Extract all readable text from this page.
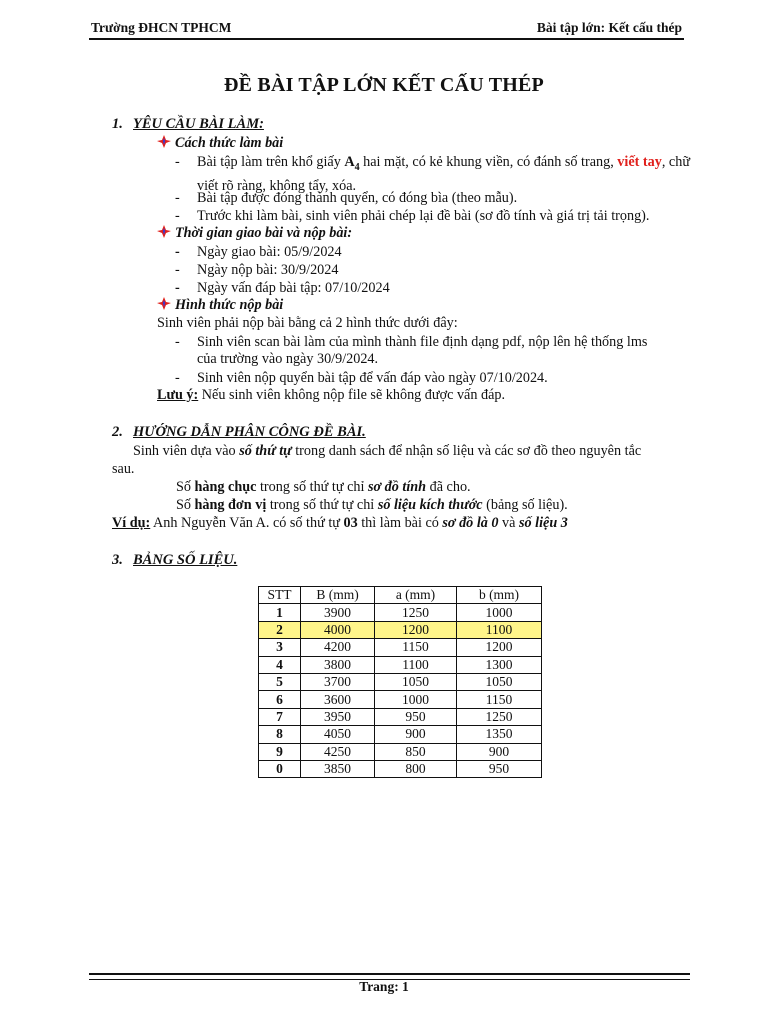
Trường ĐHCN TPHCM	Bài tập lớn: Kết cấu thép
ĐỀ BÀI TẬP LỚN KẾT CẤU THÉP
1. YÊU CẦU BÀI LÀM:
Cách thức làm bài
- Bài tập làm trên khổ giấy $A_4$ hai mặt, có kẻ khung viền, có đánh số trang, viết tay, chữ viết rõ ràng, không tẩy, xóa.
- Bài tập được đóng thành quyển, có đóng bìa (theo mẫu).
- Trước khi làm bài, sinh viên phải chép lại đề bài (sơ đồ tính và giá trị tải trọng).
Thời gian giao bài và nộp bài:
- Ngày giao bài: 05/9/2024
- Ngày nộp bài: 30/9/2024
- Ngày vấn đáp bài tập: 07/10/2024
Hình thức nộp bài
Sinh viên phải nộp bài bằng cả 2 hình thức dưới đây:
- Sinh viên scan bài làm của mình thành file định dạng pdf, nộp lên hệ thống lms
của trường vào ngày 30/9/2024.
- Sinh viên nộp quyển bài tập để vấn đáp vào ngày 07/10/2024.
Lưu ý: Nếu sinh viên không nộp file sẽ không được vấn đáp.
2. HƯỚNG DẪN PHÂN CÔNG ĐỀ BÀI.
Sinh viên dựa vào số thứ tự trong danh sách để nhận số liệu và các sơ đồ theo nguyên tắc
sau.
Số hàng chục trong số thứ tự chỉ sơ đồ tính đã cho.
Số hàng đơn vị trong số thứ tự chỉ số liệu kích thước (bảng số liệu).
Ví dụ: Anh Nguyễn Văn A. có số thứ tự 03 thì làm bài có sơ đồ là 0 và số liệu 3
3. BẢNG SỐ LIỆU.
STT	B (mm)	a (mm)	b (mm)
1	3900	1250	1000
2	4000	1200	1100
3	4200	1150	1200
4	3800	1100	1300
5	3700	1050	1050
6	3600	1000	1150
7	3950	950	1250
8	4050	900	1350
9	4250	850	900
0	3850	800	950
Trang: 1
